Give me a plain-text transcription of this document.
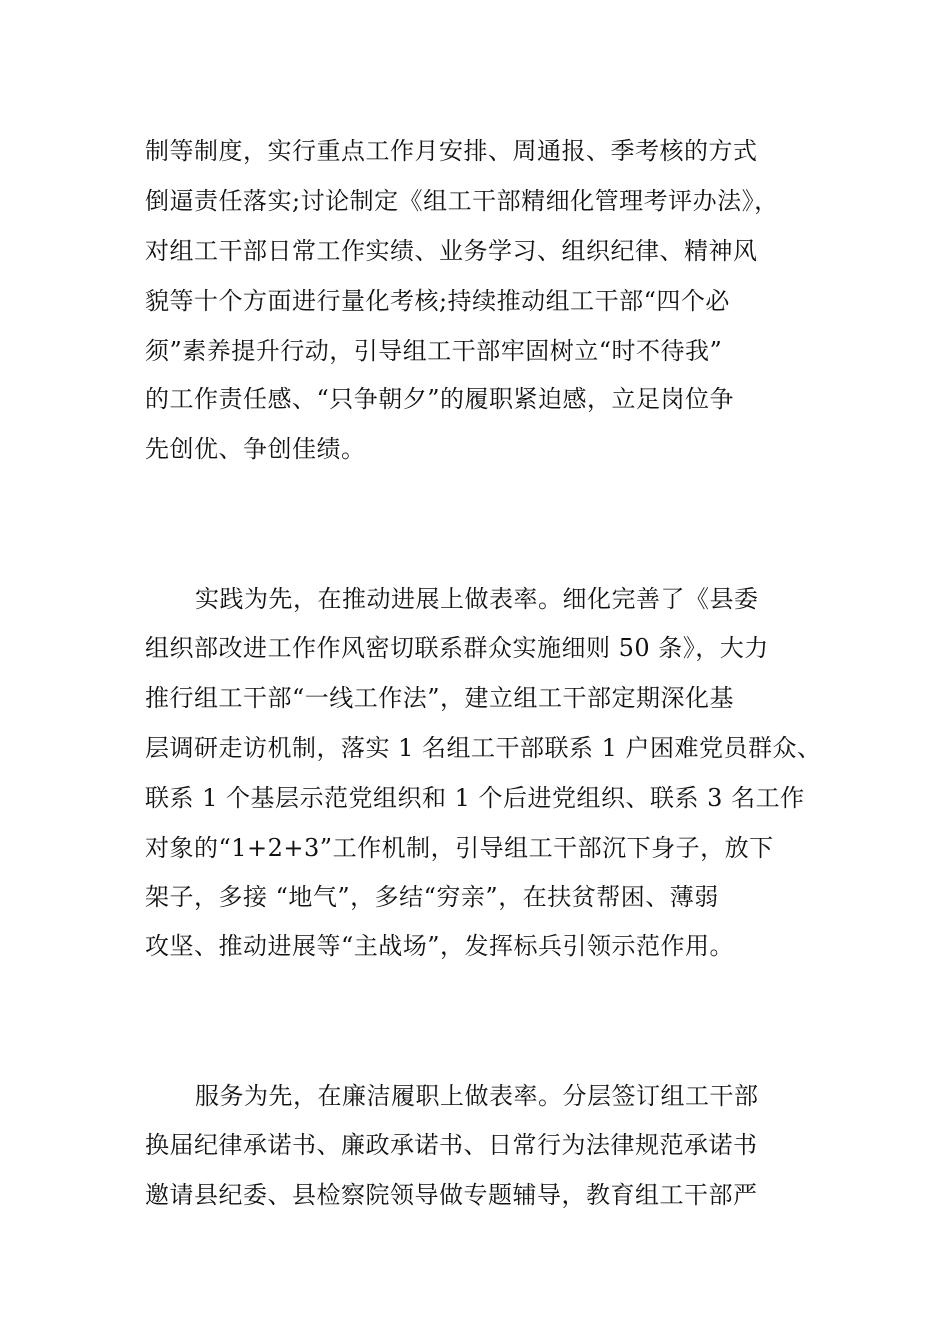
制等制度，实行重点工作月安排、周通报、季考核的方式
倒逼责任落实;讨论制定《组工干部精细化管理考评办法》，
对组工干部日常工作实绩、业务学习、组织纪律、精神风
貌等十个方面进行量化考核;持续推动组工干部“四个必
须”素养提升行动，引导组工干部牢固树立“时不待我”
的工作责任感、“只争朝夕”的履职紧迫感，立足岗位争
先创优、争创佳绩。
实践为先，在推动进展上做表率。细化完善了《县委
组织部改进工作作风密切联系群众实施细则 50 条》，大力
推行组工干部“一线工作法”，建立组工干部定期深化基
层调研走访机制，落实 1 名组工干部联系 1 户困难党员群众、
联系 1 个基层示范党组织和 1 个后进党组织、联系 3 名工作
对象的“1+2+3”工作机制，引导组工干部沉下身子，放下
架子，多接 “地气”，多结“穷亲”，在扶贫帮困、薄弱
攻坚、推动进展等“主战场”，发挥标兵引领示范作用。
服务为先，在廉洁履职上做表率。分层签订组工干部
换届纪律承诺书、廉政承诺书、日常行为法律规范承诺书
邀请县纪委、县检察院领导做专题辅导，教育组工干部严
